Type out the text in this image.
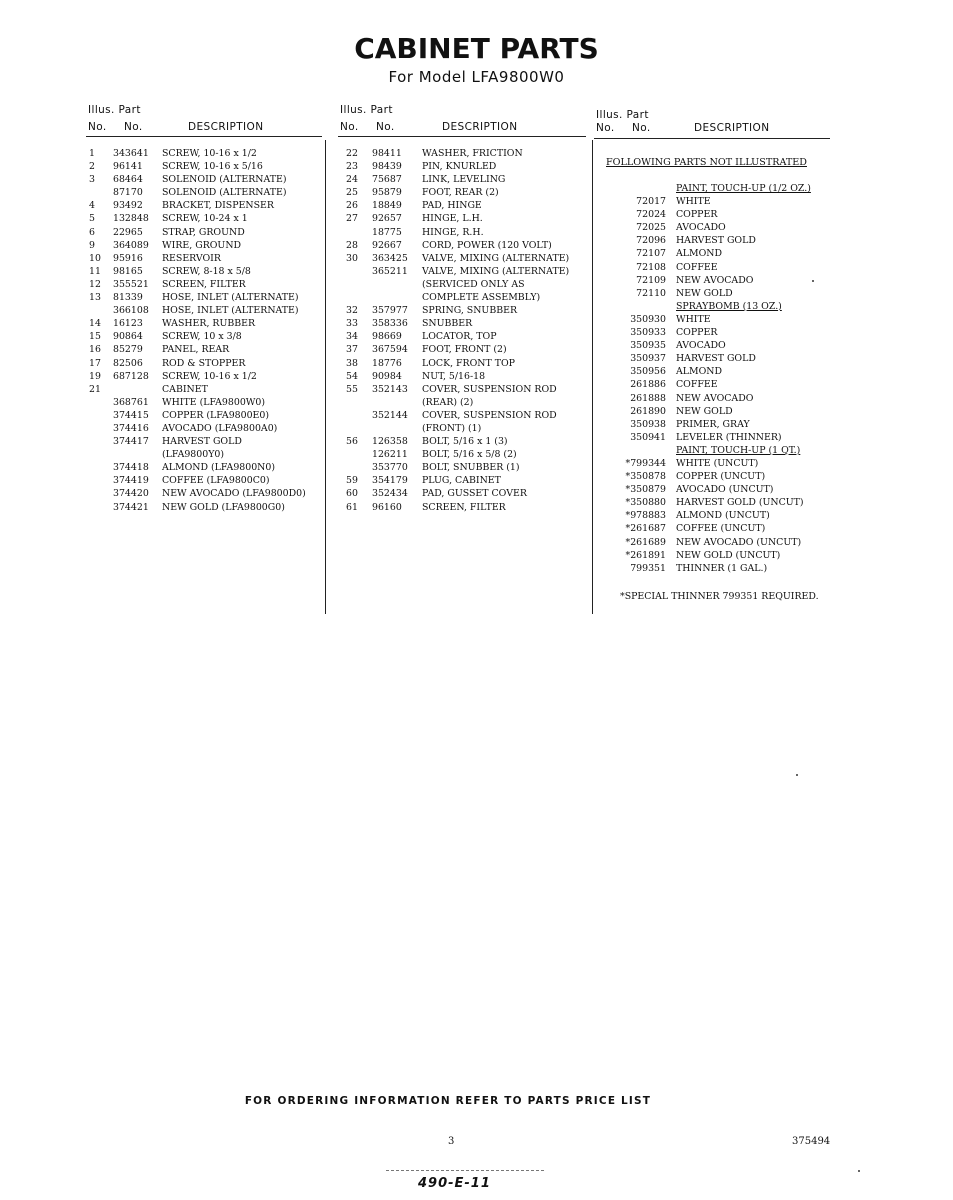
CABINET PARTS
For Model LFA9800W0
Illus. Part
No. No.	DESCRIPTION
1 343641 SCREW, 10-16 x 1/2
2 96141 SCREW, 10-16 x 5/16
3 68464 SOLENOID (ALTERNATE)
87170 SOLENOID (ALTERNATE)
4 93492 BRACKET, DISPENSER
5 132848 SCREW, 10-24 x 1
6 22965 STRAP, GROUND
9 364089 WIRE, GROUND
10 95916 RESERVOIR
11 98165 SCREW, 8-18 x 5/8
12 355521 SCREEN, FILTER
13 81339 HOSE, INLET (ALTERNATE)
366108 HOSE, INLET (ALTERNATE)
14 16123 WASHER, RUBBER
15 90864 SCREW, 10 x 3/8
16 85279 PANEL, REAR
17 82506 ROD & STOPPER
19 687128 SCREW, 10-16 x 1/2
21	CABINET
368761 WHITE (LFA9800W0)
374415 COPPER (LFA9800E0)
374416 AVOCADO (LFA9800A0)
374417 HARVEST GOLD
(LFA9800Y0)
374418 ALMOND (LFA9800N0)
374419 COFFEE (LFA9800C0)
374420 NEW AVOCADO (LFA9800D0)
374421 NEW GOLD (LFA9800G0)
Illus. Part
No. No.	DESCRIPTION
22 98411 WASHER, FRICTION
23 98439 PIN, KNURLED
24 75687 LINK, LEVELING
25 95879 FOOT, REAR (2)
26 18849 PAD, HINGE
27 92657 HINGE, L.H.
18775 HINGE, R.H.
28 92667 CORD, POWER (120 VOLT)
30 363425 VALVE, MIXING (ALTERNATE)
365211 VALVE, MIXING (ALTERNATE)
(SERVICED ONLY AS
COMPLETE ASSEMBLY)
32 357977 SPRING, SNUBBER
33 358336 SNUBBER
34 98669 LOCATOR, TOP
37 367594 FOOT, FRONT (2)
38 18776 LOCK, FRONT TOP
54 90984 NUT, 5/16-18
55 352143 COVER, SUSPENSION ROD
(REAR) (2)
352144 COVER, SUSPENSION ROD
(FRONT) (1)
56 126358 BOLT, 5/16 x 1 (3)
126211 BOLT, 5/16 x 5/8 (2)
353770 BOLT, SNUBBER (1)
59 354179 PLUG, CABINET
60 352434 PAD, GUSSET COVER
61 96160 SCREEN, FILTER
Illus. Part
No. No.	DESCRIPTION
FOLLOWING PARTS NOT ILLUSTRATED
PAINT, TOUCH-UP (1/2 OZ.)
72017 WHITE
72024 COPPER
72025 AVOCADO
72096 HARVEST GOLD
72107 ALMOND
72108 COFFEE
72109 NEW AVOCADO
72110 NEW GOLD
SPRAYBOMB (13 OZ.)
350930 WHITE
350933 COPPER
350935 AVOCADO
350937 HARVEST GOLD
350956 ALMOND
261886 COFFEE
261888 NEW AVOCADO
261890 NEW GOLD
350938 PRIMER, GRAY
350941 LEVELER (THINNER)
PAINT, TOUCH-UP (1 QT.)
*799344 WHITE (UNCUT)
*350878 COPPER (UNCUT)
*350879 AVOCADO (UNCUT)
*350880 HARVEST GOLD (UNCUT)
*978883 ALMOND (UNCUT)
*261687 COFFEE (UNCUT)
*261689 NEW AVOCADO (UNCUT)
*261891 NEW GOLD (UNCUT)
799351 THINNER (1 GAL.)
*SPECIAL THINNER 799351 REQUIRED.
FOR ORDERING INFORMATION REFER TO PARTS PRICE LIST
3	375494
490-E-11
